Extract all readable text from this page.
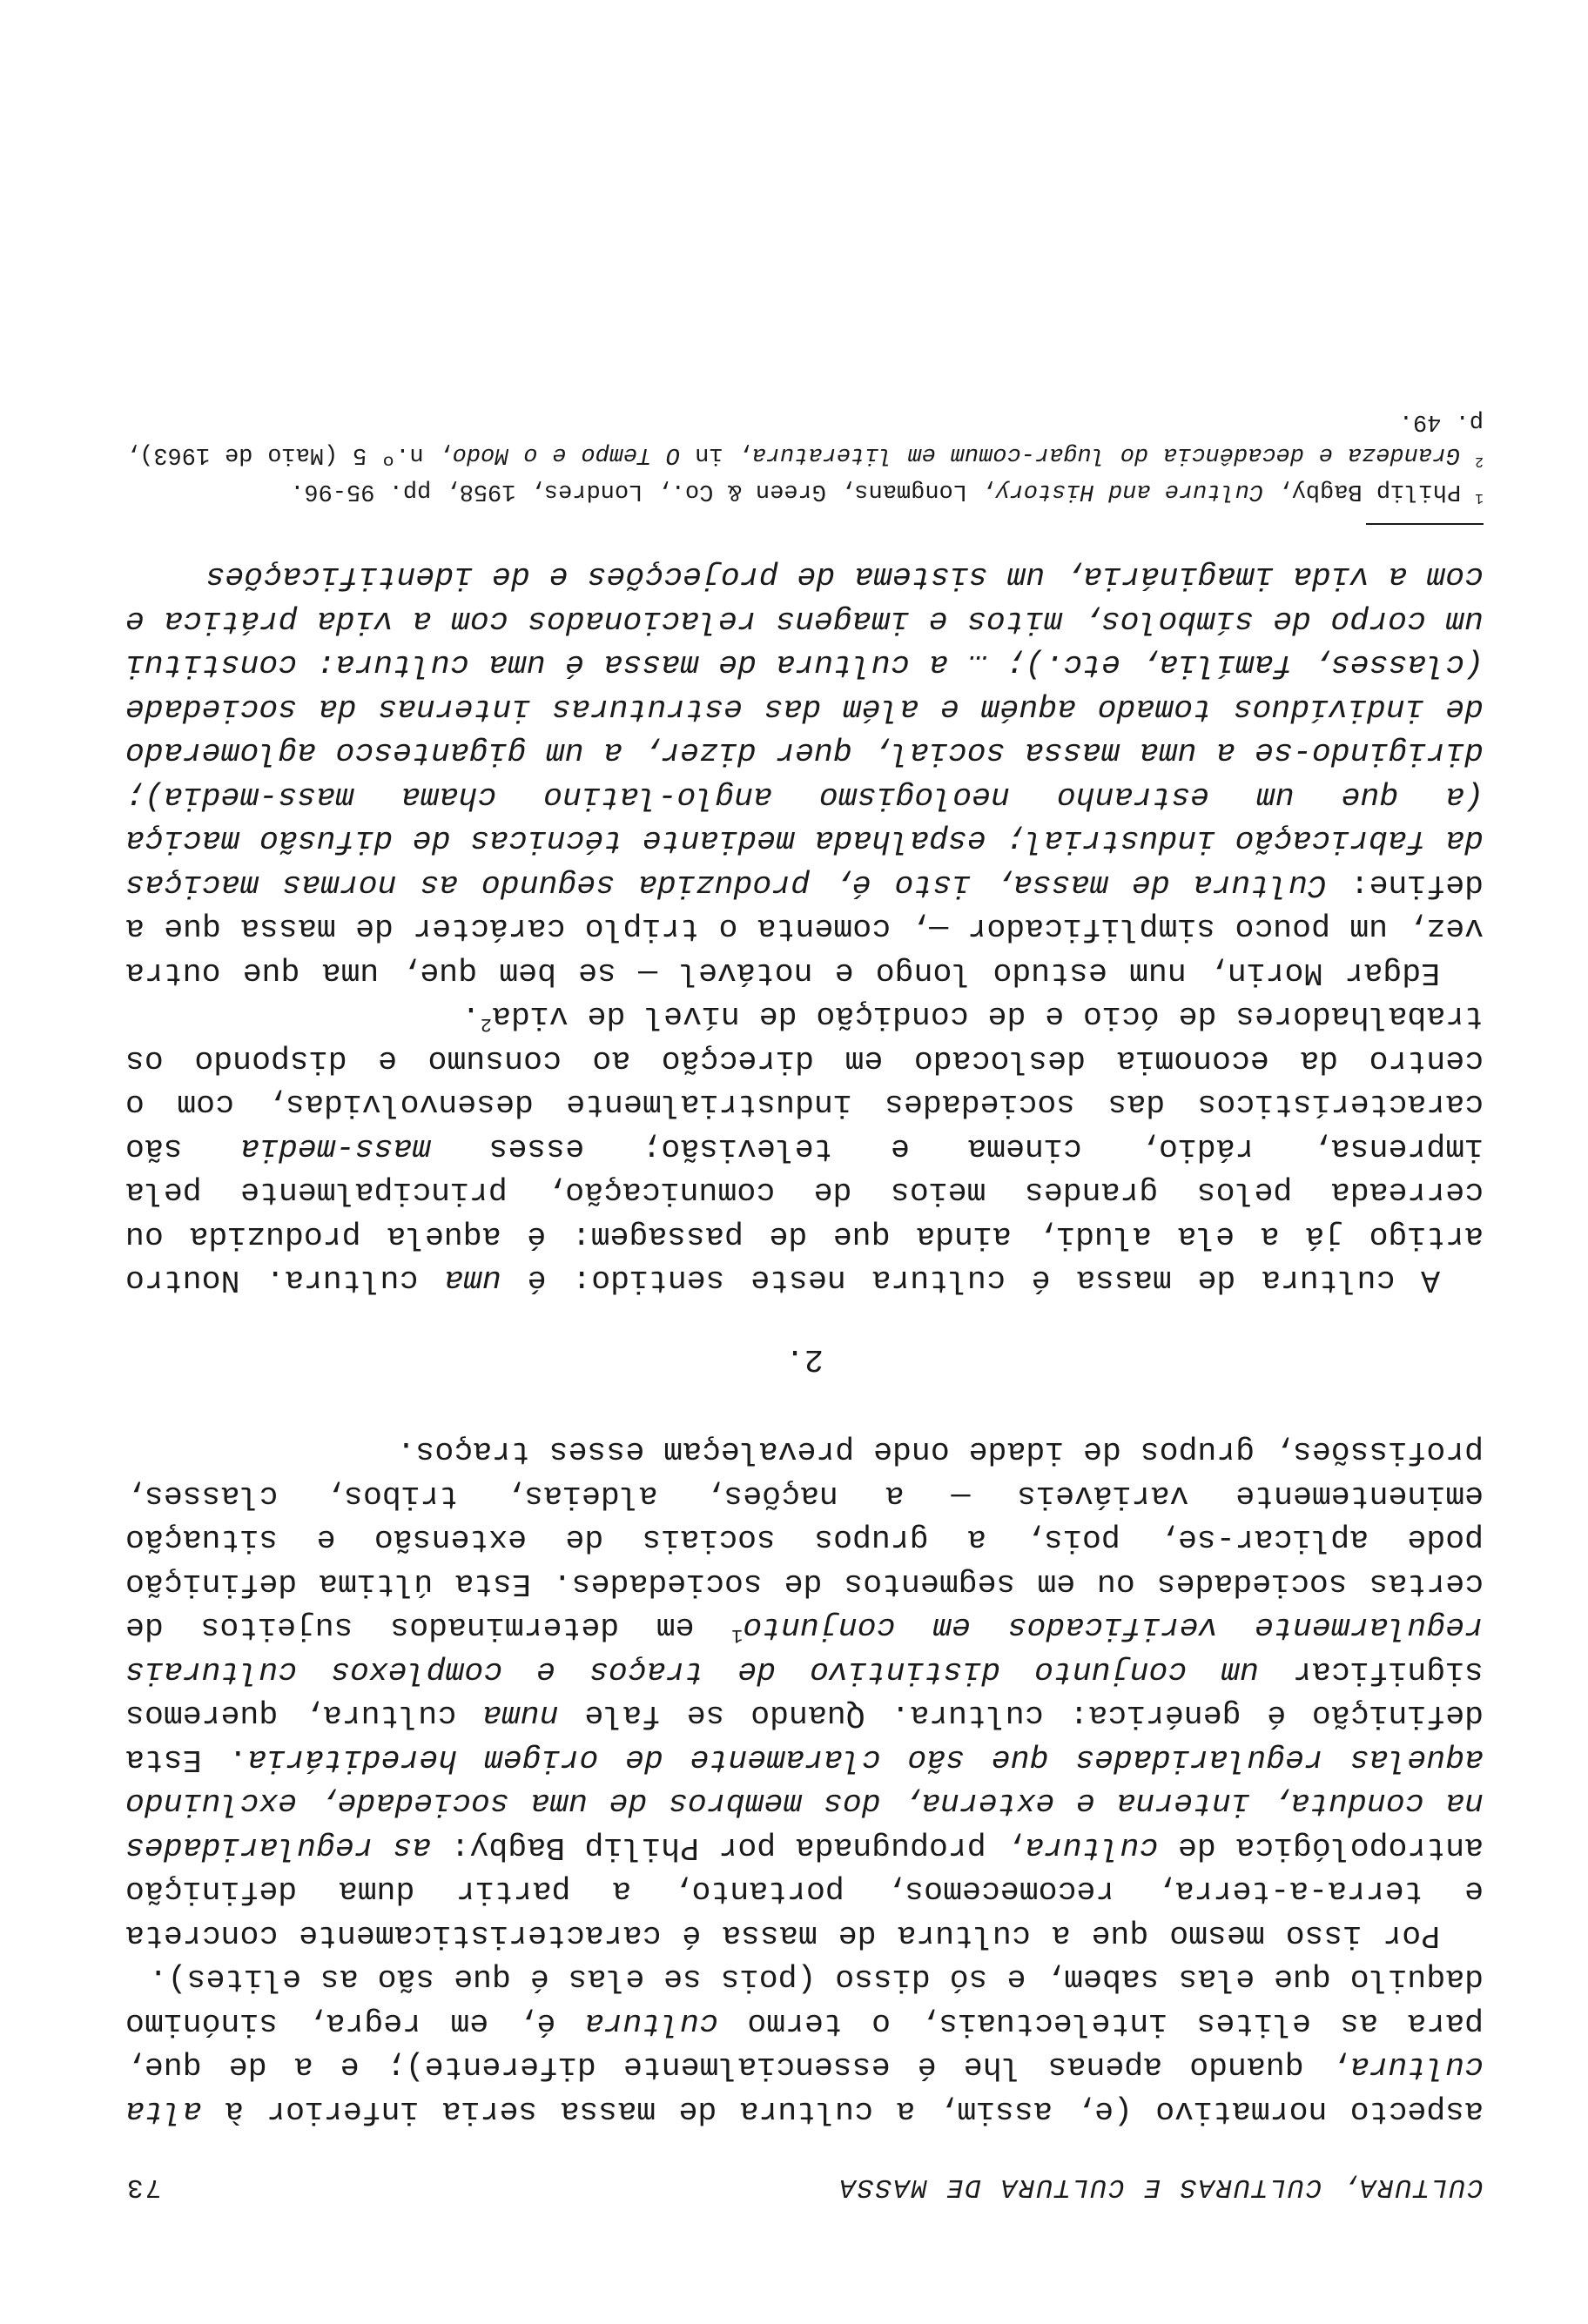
CULTURA, CULTURAS E CULTURA DE MASSA
73

aspecto normativo (e, assim, a cultura de massa seria inferior à alta cultura, quando apenas lhe é essencialmente diferente); e a de que, para as elites intelectuais, o termo cultura é, em regra, sinónimo daquilo que elas sabem, e só disso (pois se elas é que são as elites).

Por isso mesmo que a cultura de massa é caracteristicamente concreta e terra-a-terra, recomecemos, portanto, a partir duma definição antropológica de cultura, propugnada por Philip Bagby: as regularidades na conduta, interna e externa, dos membros de uma sociedade, excluindo aquelas regularidades que são claramente de origem hereditária. Esta definição é genérica: cultura. Quando se fale numa cultura, queremos significar um conjunto distintivo de traços e complexos culturais regularmente verificados em conjunto$^1$ em determinados sujeitos de certas sociedades ou em segmentos de sociedades. Esta última definição pode aplicar-se, pois, a grupos sociais de extensão e situação eminentemente variáveis — a nações, aldeias, tribos, classes, profissões, grupos de idade onde prevaleçam esses traços.

2.

A cultura de massa é cultura neste sentido: é uma cultura. Noutro artigo já a ela aludi, ainda que de passagem: é aquela produzida ou cerreada pelos grandes meios de comunicação, principalmente pela imprensa, rádio, cinema e televisão; esses mass-media são característicos das sociedades industrialmente desenvolvidas, com o centro da economia deslocado em direcção ao consumo e dispondo os trabalhadores de ócio e de condição de nível de vida$^2$.

Edgar Morin, num estudo longo e notável — se bem que, uma que outra vez, um pouco simplificador —, comenta o triplo carácter de massa que a define: Cultura de massa, isto é, produzida segundo as normas maciças da fabricação industrial; espalhada mediante técnicas de difusão maciça (a que um estranho neologismo anglo-latino chama mass-media); dirigindo-se a uma massa social, quer dizer, a um gigantesco aglomerado de indivíduos tomado aquém e além das estruturas internas da sociedade (classes, família, etc.); … a cultura de massa é uma cultura: constitui um corpo de símbolos, mitos e imagens relacionados com a vida prática e com a vida imaginária, um sistema de projecções e de identificações

$^1$ Philip Bagby, Culture and History, Longmans, Green & Co., Londres, 1958, pp. 95-96.

$^2$ Grandeza e decadência do lugar-comum em literatura, in O Tempo e o Modo, n.º 5 (Maio de 1963), p. 49.
